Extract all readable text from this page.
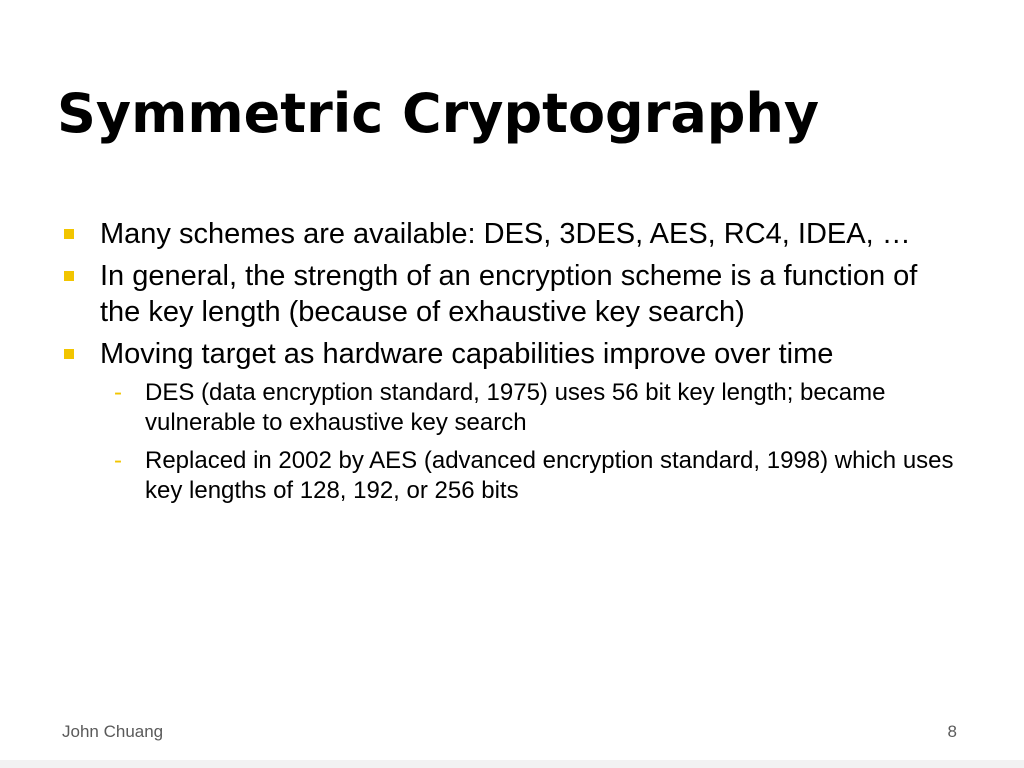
Symmetric Cryptography
Many schemes are available: DES, 3DES, AES, RC4, IDEA, …
In general, the strength of an encryption scheme is a function of the key length (because of exhaustive key search)
Moving target as hardware capabilities improve over time
- DES (data encryption standard, 1975) uses 56 bit key length; became vulnerable to exhaustive key search
- Replaced in 2002 by AES (advanced encryption standard, 1998) which uses key lengths of 128, 192, or 256 bits
John Chuang	8
